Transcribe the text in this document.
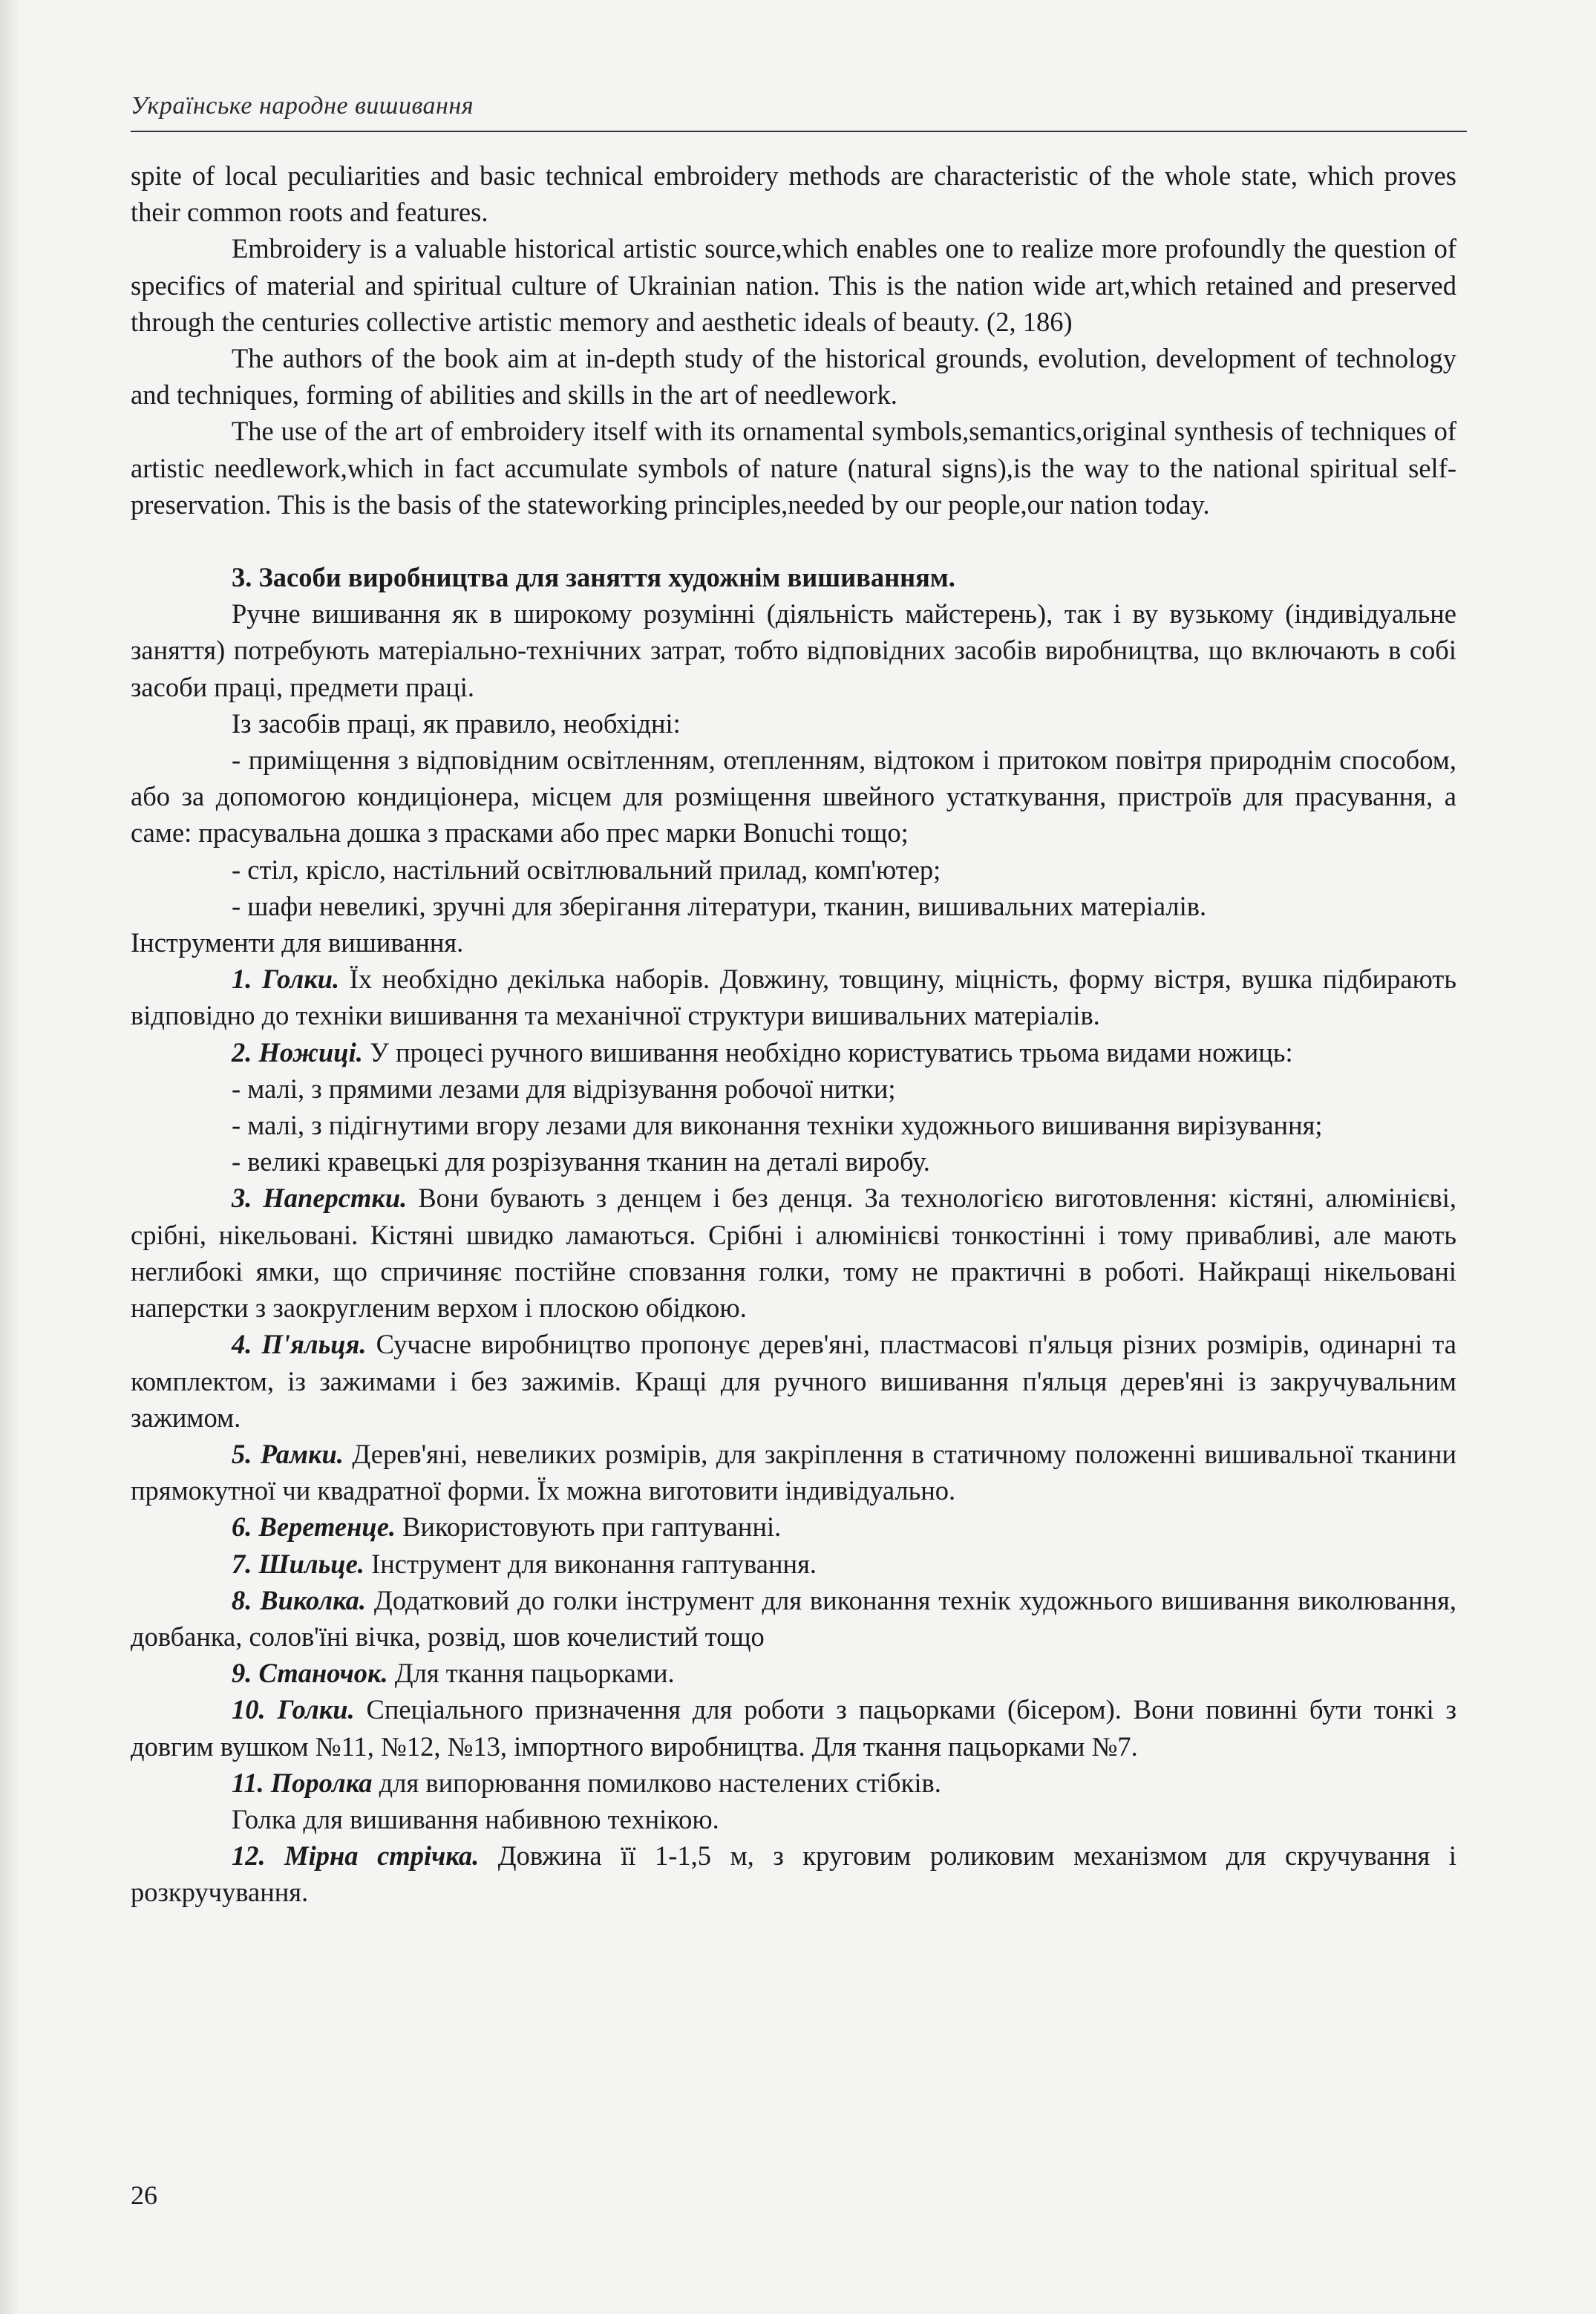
Українське народне вишивання

spite of local peculiarities and basic technical embroidery methods are characteristic of the whole state, which proves their common roots and features.

Embroidery is a valuable historical artistic source,which enables one to realize more profoundly the question of specifics of material and spiritual culture of Ukrainian nation. This is the nation wide art,which retained and preserved through the centuries collective artistic memory and aesthetic ideals of beauty. (2, 186)

The authors of the book aim at in-depth study of the historical grounds, evolution, development of technology and techniques, forming of abilities and skills in the art of needlework.

The use of the art of embroidery itself with its ornamental symbols,semantics,original synthesis of techniques of artistic needlework,which in fact accumulate symbols of nature (natural signs),is the way to the national spiritual self-preservation. This is the basis of the stateworking principles,needed by our people,our nation today.

3. Засоби виробництва для заняття художнім вишиванням.

Ручне вишивання як в широкому розумінні (діяльність майстерень), так і ву вузькому (індивідуальне заняття) потребують матеріально-технічних затрат, тобто відповідних засобів виробництва, що включають в собі засоби праці, предмети праці.

Із засобів праці, як правило, необхідні:

- приміщення з відповідним освітленням, отепленням, відтоком і притоком повітря природнім способом, або за допомогою кондиціонера, місцем для розміщення швейного устаткування, пристроїв для прасування, а саме: прасувальна дошка з прасками або прес марки Bonuchi тощо;

- стіл, крісло, настільний освітлювальний прилад, комп'ютер;

- шафи невеликі, зручні для зберігання літератури, тканин, вишивальних матеріалів.

Інструменти для вишивання.

1. Голки. Їх необхідно декілька наборів. Довжину, товщину, міцність, форму вістря, вушка підбирають відповідно до техніки вишивання та механічної структури вишивальних матеріалів.

2. Ножиці. У процесі ручного вишивання необхідно користуватись трьома видами ножиць:

- малі, з прямими лезами для відрізування робочої нитки;

- малі, з підігнутими вгору лезами для виконання техніки художнього вишивання вирізування;

- великі кравецькі для розрізування тканин на деталі виробу.

3. Наперстки. Вони бувають з денцем і без денця. За технологією виготовлення: кістяні, алюмінієві, срібні, нікельовані. Кістяні швидко ламаються. Срібні і алюмінієві тонкостінні і тому привабливі, але мають неглибокі ямки, що спричиняє постійне сповзання голки, тому не практичні в роботі. Найкращі нікельовані наперстки з заокругленим верхом і плоскою обідкою.

4. П'яльця. Сучасне виробництво пропонує дерев'яні, пластмасові п'яльця різних розмірів, одинарні та комплектом, із зажимами і без зажимів. Кращі для ручного вишивання п'яльця дерев'яні із закручувальним зажимом.

5. Рамки. Дерев'яні, невеликих розмірів, для закріплення в статичному положенні вишивальної тканини прямокутної чи квадратної форми. Їх можна виготовити індивідуально.

6. Веретенце. Використовують при гаптуванні.

7. Шильце. Інструмент для виконання гаптування.

8. Виколка. Додатковий до голки інструмент для виконання технік художнього вишивання виколювання, довбанка, солов'їні вічка, розвід, шов кочелистий тощо

9. Станочок. Для ткання пацьорками.

10. Голки. Спеціального призначення для роботи з пацьорками (бісером). Вони повинні бути тонкі з довгим вушком №11, №12, №13, імпортного виробництва. Для ткання пацьорками №7.

11. Поролка для випорювання помилково настелених стібків.

Голка для вишивання набивною технікою.

12. Мірна стрічка. Довжина її 1-1,5 м, з круговим роликовим механізмом для скручування і розкручування.

26
